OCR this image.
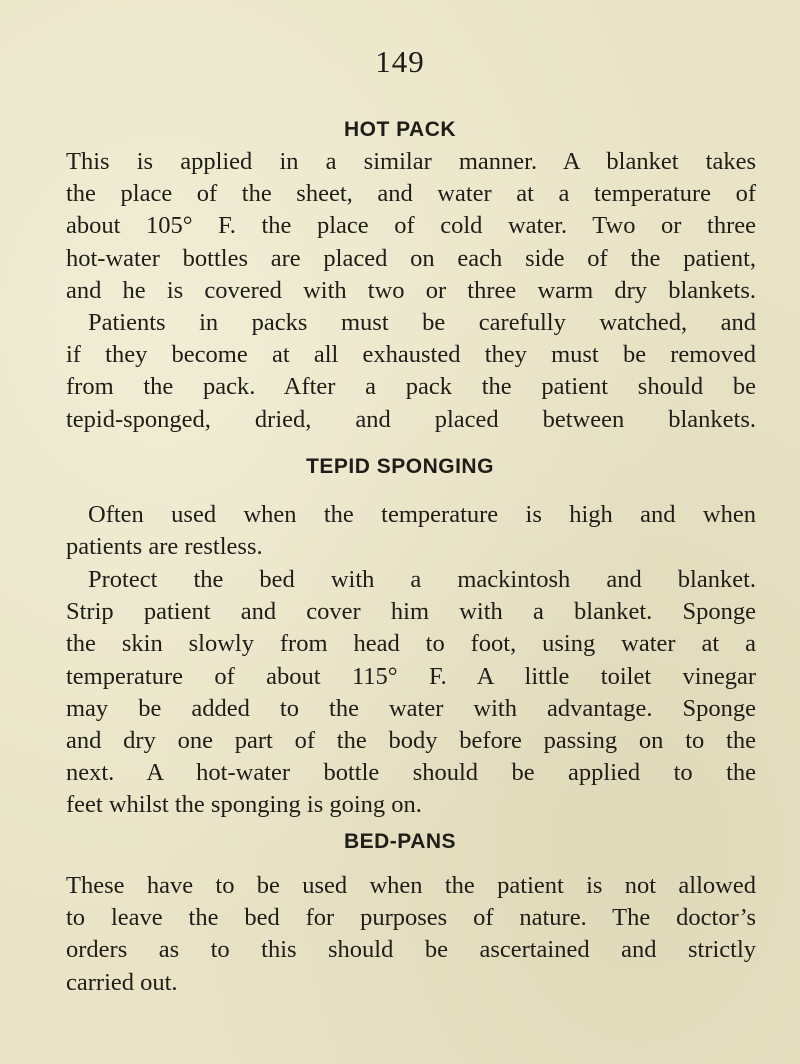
149
HOT PACK
This is applied in a similar manner. A blanket takes
the place of the sheet, and water at a temperature of
about 105° F. the place of cold water. Two or three
hot-water bottles are placed on each side of the patient,
and he is covered with two or three warm dry blankets.
Patients in packs must be carefully watched, and
if they become at all exhausted they must be removed
from the pack. After a pack the patient should be
tepid-sponged, dried, and placed between blankets.
TEPID SPONGING
Often used when the temperature is high and when
patients are restless.
Protect the bed with a mackintosh and blanket.
Strip patient and cover him with a blanket. Sponge
the skin slowly from head to foot, using water at a
temperature of about 115° F. A little toilet vinegar
may be added to the water with advantage. Sponge
and dry one part of the body before passing on to the
next. A hot-water bottle should be applied to the
feet whilst the sponging is going on.
BED-PANS
These have to be used when the patient is not allowed
to leave the bed for purposes of nature. The doctor’s
orders as to this should be ascertained and strictly
carried out.
